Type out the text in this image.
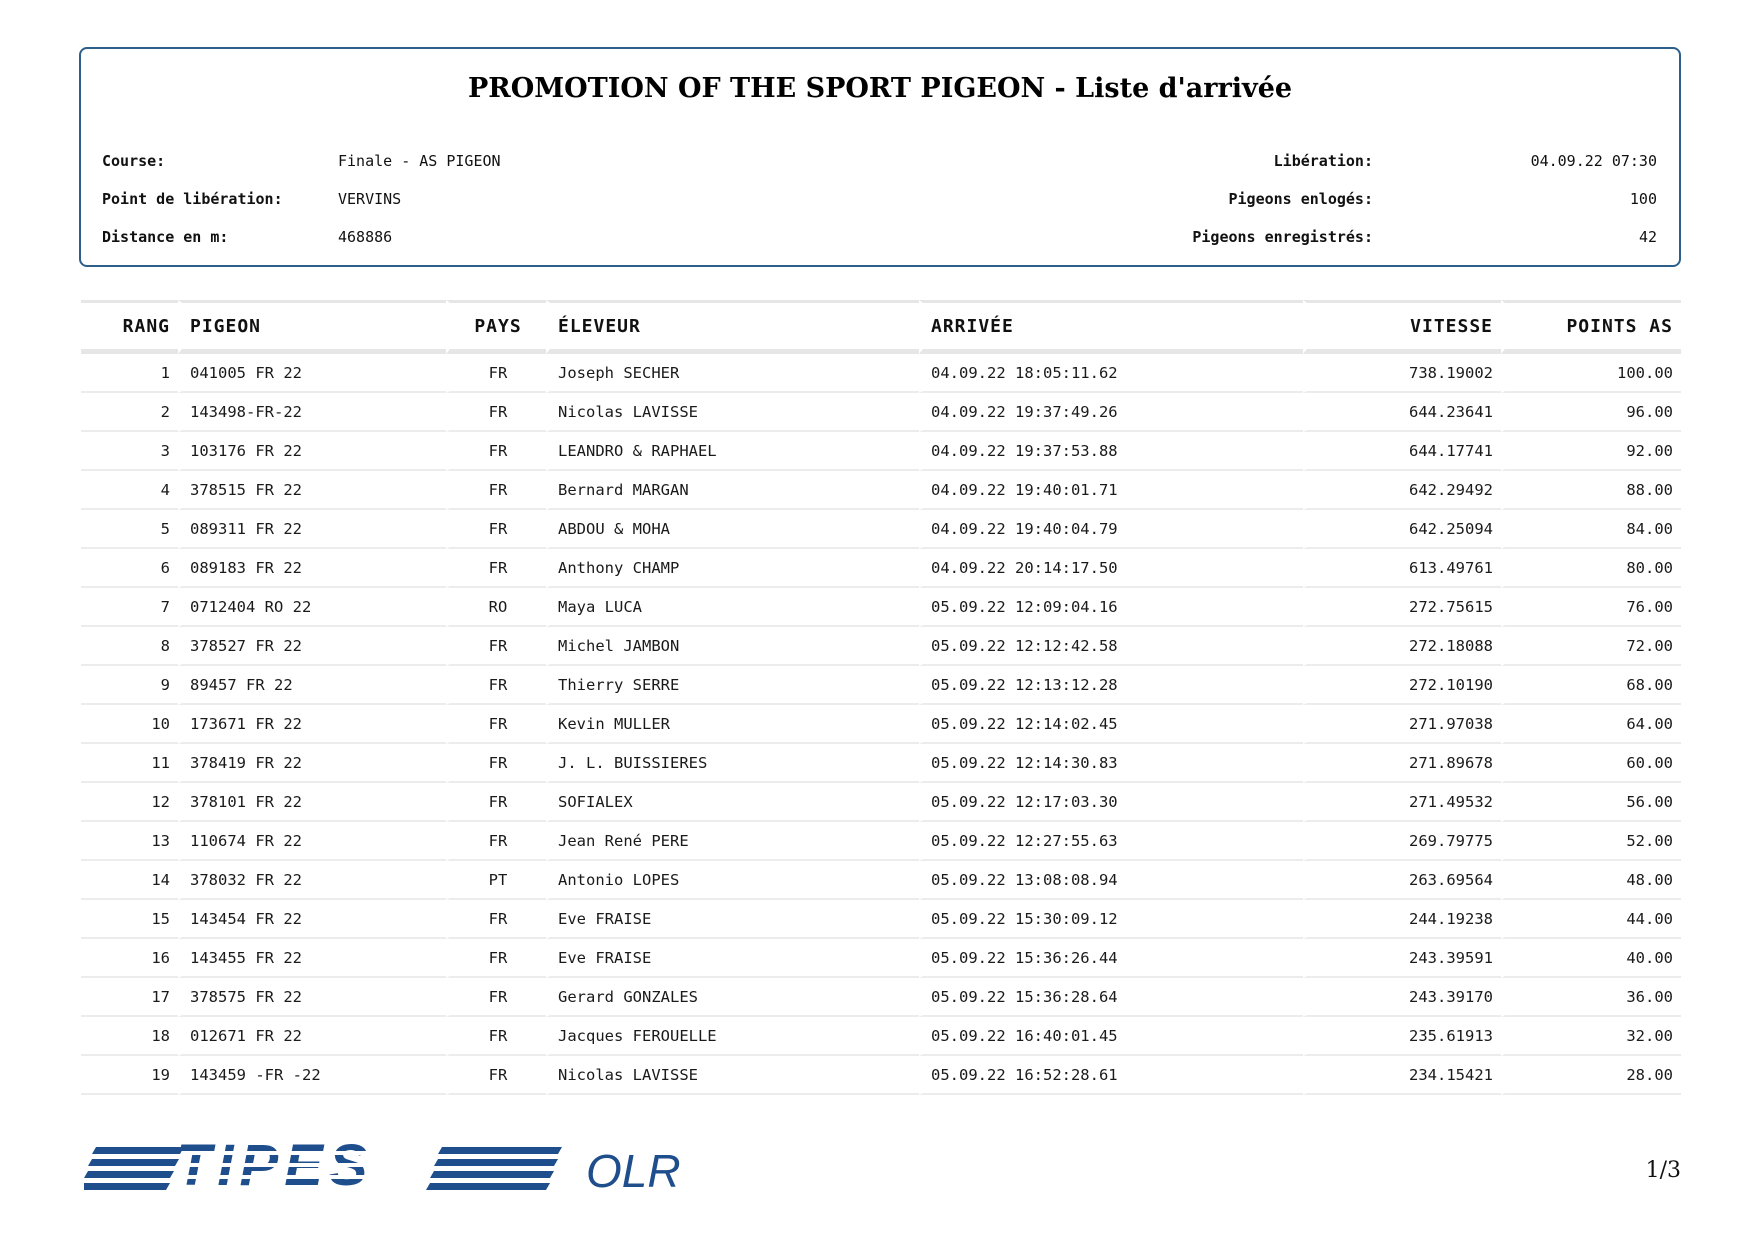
PROMOTION OF THE SPORT PIGEON - Liste d'arrivée
Course:	Finale - AS PIGEON	Libération:	04.09.22 07:30
Point de libération:	VERVINS	Pigeons enlogés:	100
Distance en m:	468886	Pigeons enregistrés:	42
RANG	PIGEON	PAYS	ÉLEVEUR	ARRIVÉE	VITESSE	POINTS AS
1	041005 FR 22	FR	Joseph SECHER	04.09.22 18:05:11.62	738.19002	100.00
2	143498-FR-22	FR	Nicolas LAVISSE	04.09.22 19:37:49.26	644.23641	96.00
3	103176 FR 22	FR	LEANDRO & RAPHAEL	04.09.22 19:37:53.88	644.17741	92.00
4	378515 FR 22	FR	Bernard MARGAN	04.09.22 19:40:01.71	642.29492	88.00
5	089311 FR 22	FR	ABDOU & MOHA	04.09.22 19:40:04.79	642.25094	84.00
6	089183 FR 22	FR	Anthony CHAMP	04.09.22 20:14:17.50	613.49761	80.00
7	0712404 RO 22	RO	Maya LUCA	05.09.22 12:09:04.16	272.75615	76.00
8	378527 FR 22	FR	Michel JAMBON	05.09.22 12:12:42.58	272.18088	72.00
9	89457 FR 22	FR	Thierry SERRE	05.09.22 12:13:12.28	272.10190	68.00
10	173671 FR 22	FR	Kevin MULLER	05.09.22 12:14:02.45	271.97038	64.00
11	378419 FR 22	FR	J. L. BUISSIERES	05.09.22 12:14:30.83	271.89678	60.00
12	378101 FR 22	FR	SOFIALEX	05.09.22 12:17:03.30	271.49532	56.00
13	110674 FR 22	FR	Jean René PERE	05.09.22 12:27:55.63	269.79775	52.00
14	378032 FR 22	PT	Antonio LOPES	05.09.22 13:08:08.94	263.69564	48.00
15	143454 FR 22	FR	Eve FRAISE	05.09.22 15:30:09.12	244.19238	44.00
16	143455 FR 22	FR	Eve FRAISE	05.09.22 15:36:26.44	243.39591	40.00
17	378575 FR 22	FR	Gerard GONZALES	05.09.22 15:36:28.64	243.39170	36.00
18	012671 FR 22	FR	Jacques FEROUELLE	05.09.22 16:40:01.45	235.61913	32.00
19	143459 -FR -22	FR	Nicolas LAVISSE	05.09.22 16:52:28.61	234.15421	28.00
OLR	1/3
